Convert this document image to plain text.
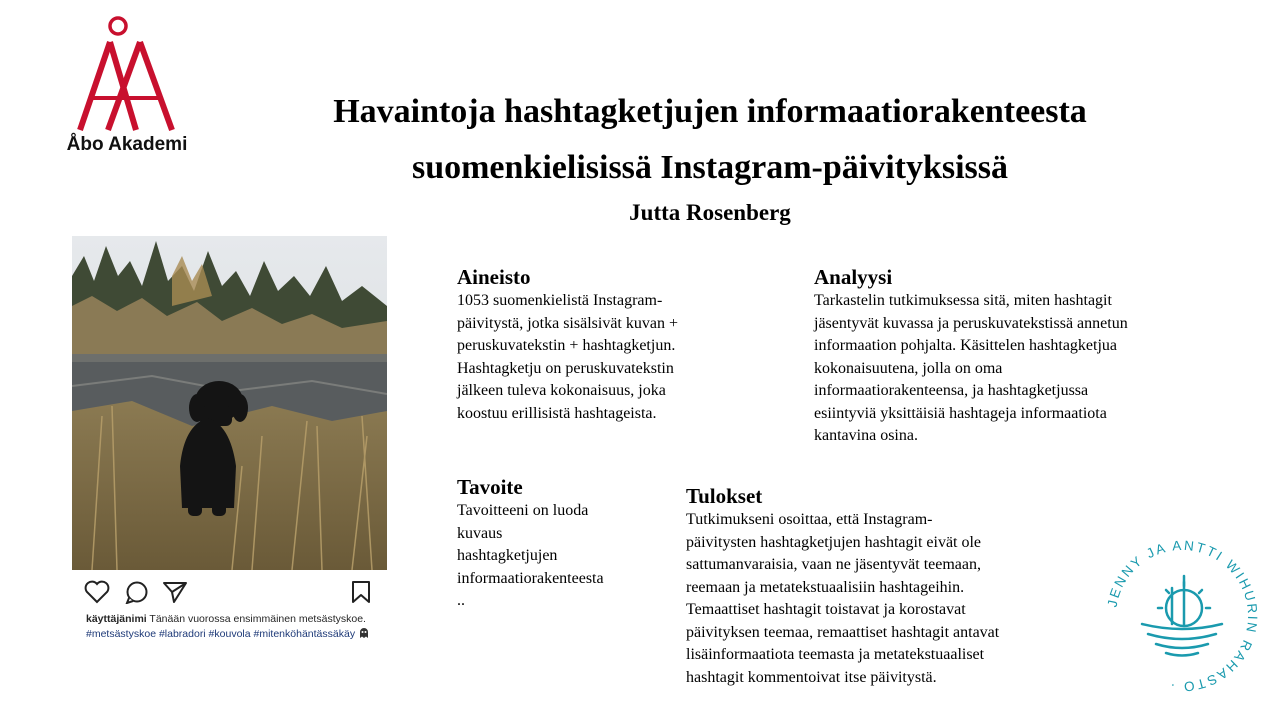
Åbo Akademi
Havaintoja hashtagketjujen informaatiorakenteesta
suomenkielisissä Instagram-päivityksissä
Jutta Rosenberg
käyttäjänimi Tänään vuorossa ensimmäinen metsästyskoe. #metsästyskoe #labradori #kouvola #mitenköhäntässäkäy
Aineisto
1053 suomenkielistä Instagram-
päivitystä, jotka sisälsivät kuvan +
peruskuvatekstin + hashtagketjun.
Hashtagketju on peruskuvatekstin
jälkeen tuleva kokonaisuus, joka
koostuu erillisistä hashtageista.
Analyysi
Tarkastelin tutkimuksessa sitä, miten hashtagit
jäsentyvät kuvassa ja peruskuvatekstissä annetun
informaation pohjalta. Käsittelen hashtagketjua
kokonaisuutena, jolla on oma
informaatiorakenteensa, ja hashtagketjussa
esiintyviä yksittäisiä hashtageja informaatiota
kantavina osina.
Tavoite
Tavoitteeni on luoda
kuvaus
hashtagketjujen
informaatiorakenteesta
..
Tulokset
Tutkimukseni osoittaa, että Instagram-
päivitysten hashtagketjujen hashtagit eivät ole
sattumanvaraisia, vaan ne jäsentyvät teemaan,
reemaan ja metatekstuaalisiin hashtageihin.
Temaattiset hashtagit toistavat ja korostavat
päivityksen teemaa, remaattiset hashtagit antavat
lisäinformaatiota teemasta ja metatekstuaaliset
hashtagit kommentoivat itse päivitystä.
JENNY JA ANTTI WIHURIN RAHASTO ·
